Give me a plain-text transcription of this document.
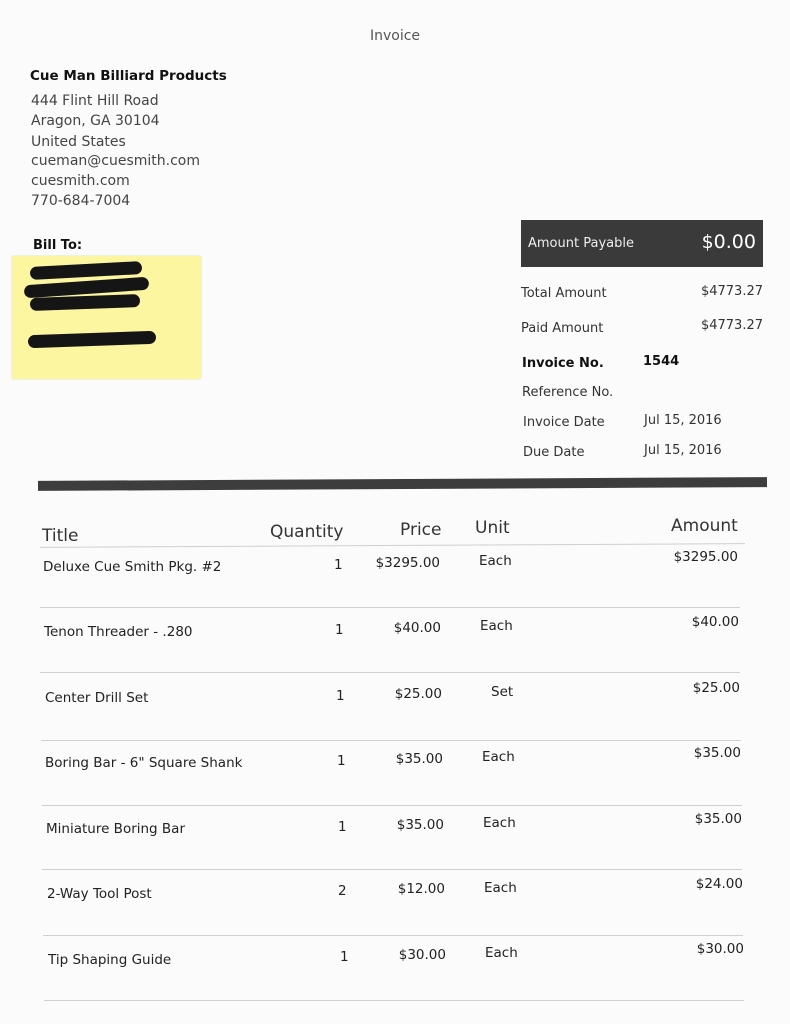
Invoice
Cue Man Billiard Products
444 Flint Hill Road
Aragon, GA 30104
United States
cueman@cuesmith.com
cuesmith.com
770-684-7004
Bill To:	Amount Payable	$0.00
Total Amount	$4773.27
Paid Amount	$4773.27
Invoice No.	1544
Reference No.
Invoice Date	Jul 15, 2016
Due Date	Jul 15, 2016
Title	Quantity	Price Unit	Amount
Deluxe Cue Smith Pkg. #2	1	$3295.00	Each	$3295.00
Tenon Threader - .280	1	$40.00	Each	$40.00
Center Drill Set	1	$25.00	Set	$25.00
Boring Bar - 6" Square Shank	1	$35.00	Each	$35.00
Miniature Boring Bar	1	$35.00	Each	$35.00
2-Way Tool Post	2	$12.00	Each	$24.00
Tip Shaping Guide	1	$30.00	Each	$30.00
